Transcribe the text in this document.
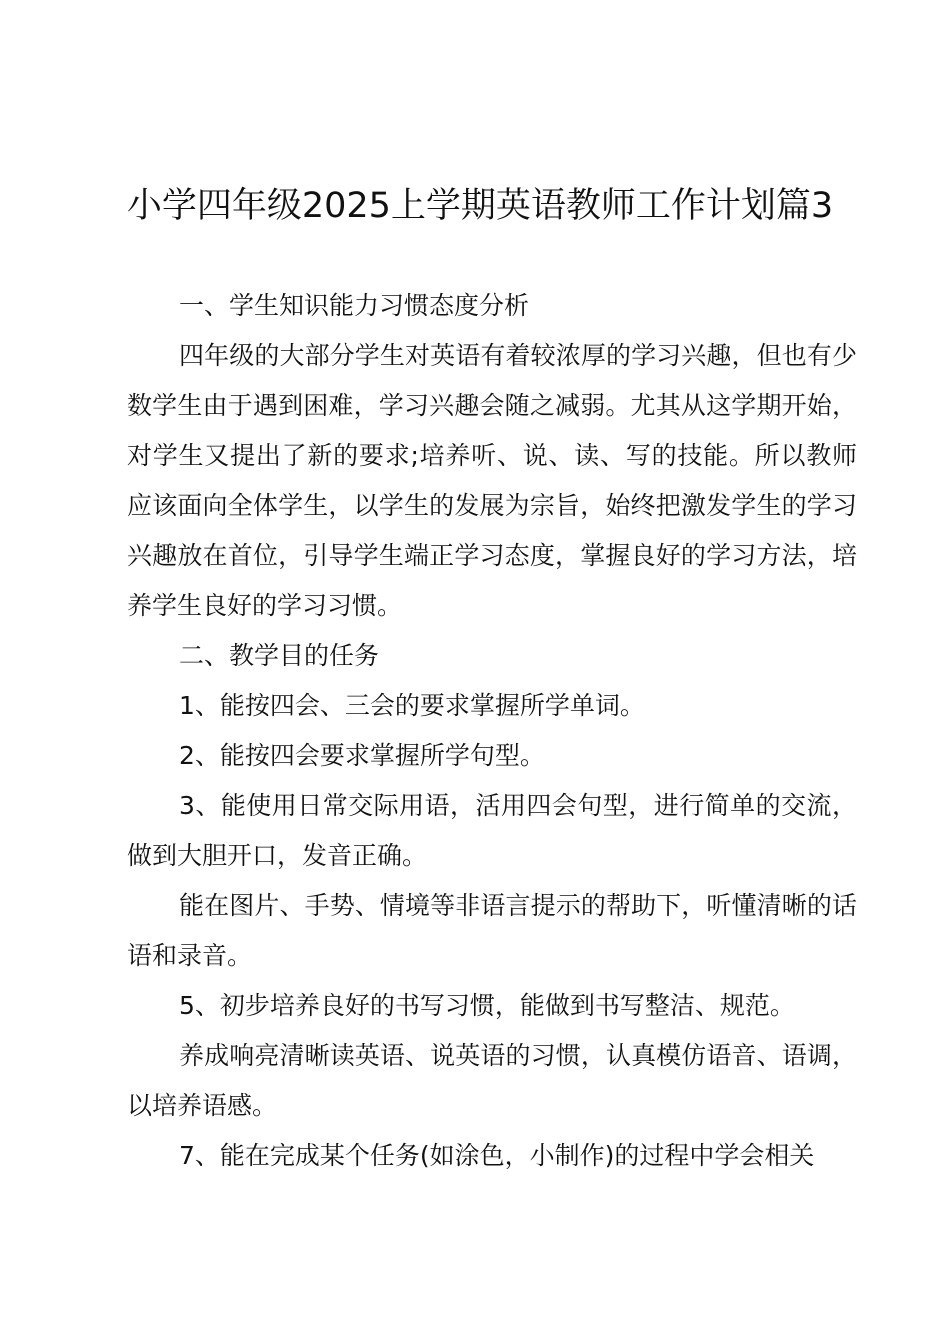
小学四年级2025上学期英语教师工作计划篇3

一、学生知识能力习惯态度分析

四年级的大部分学生对英语有着较浓厚的学习兴趣，但也有少数学生由于遇到困难，学习兴趣会随之减弱。尤其从这学期开始，对学生又提出了新的要求;培养听、说、读、写的技能。所以教师应该面向全体学生，以学生的发展为宗旨，始终把激发学生的学习兴趣放在首位，引导学生端正学习态度，掌握良好的学习方法，培养学生良好的学习习惯。

二、教学目的任务

1、能按四会、三会的要求掌握所学单词。

2、能按四会要求掌握所学句型。

3、能使用日常交际用语，活用四会句型，进行简单的交流，做到大胆开口，发音正确。

能在图片、手势、情境等非语言提示的帮助下，听懂清晰的话语和录音。

5、初步培养良好的书写习惯，能做到书写整洁、规范。

养成响亮清晰读英语、说英语的习惯，认真模仿语音、语调，以培养语感。

7、能在完成某个任务(如涂色，小制作)的过程中学会相关
